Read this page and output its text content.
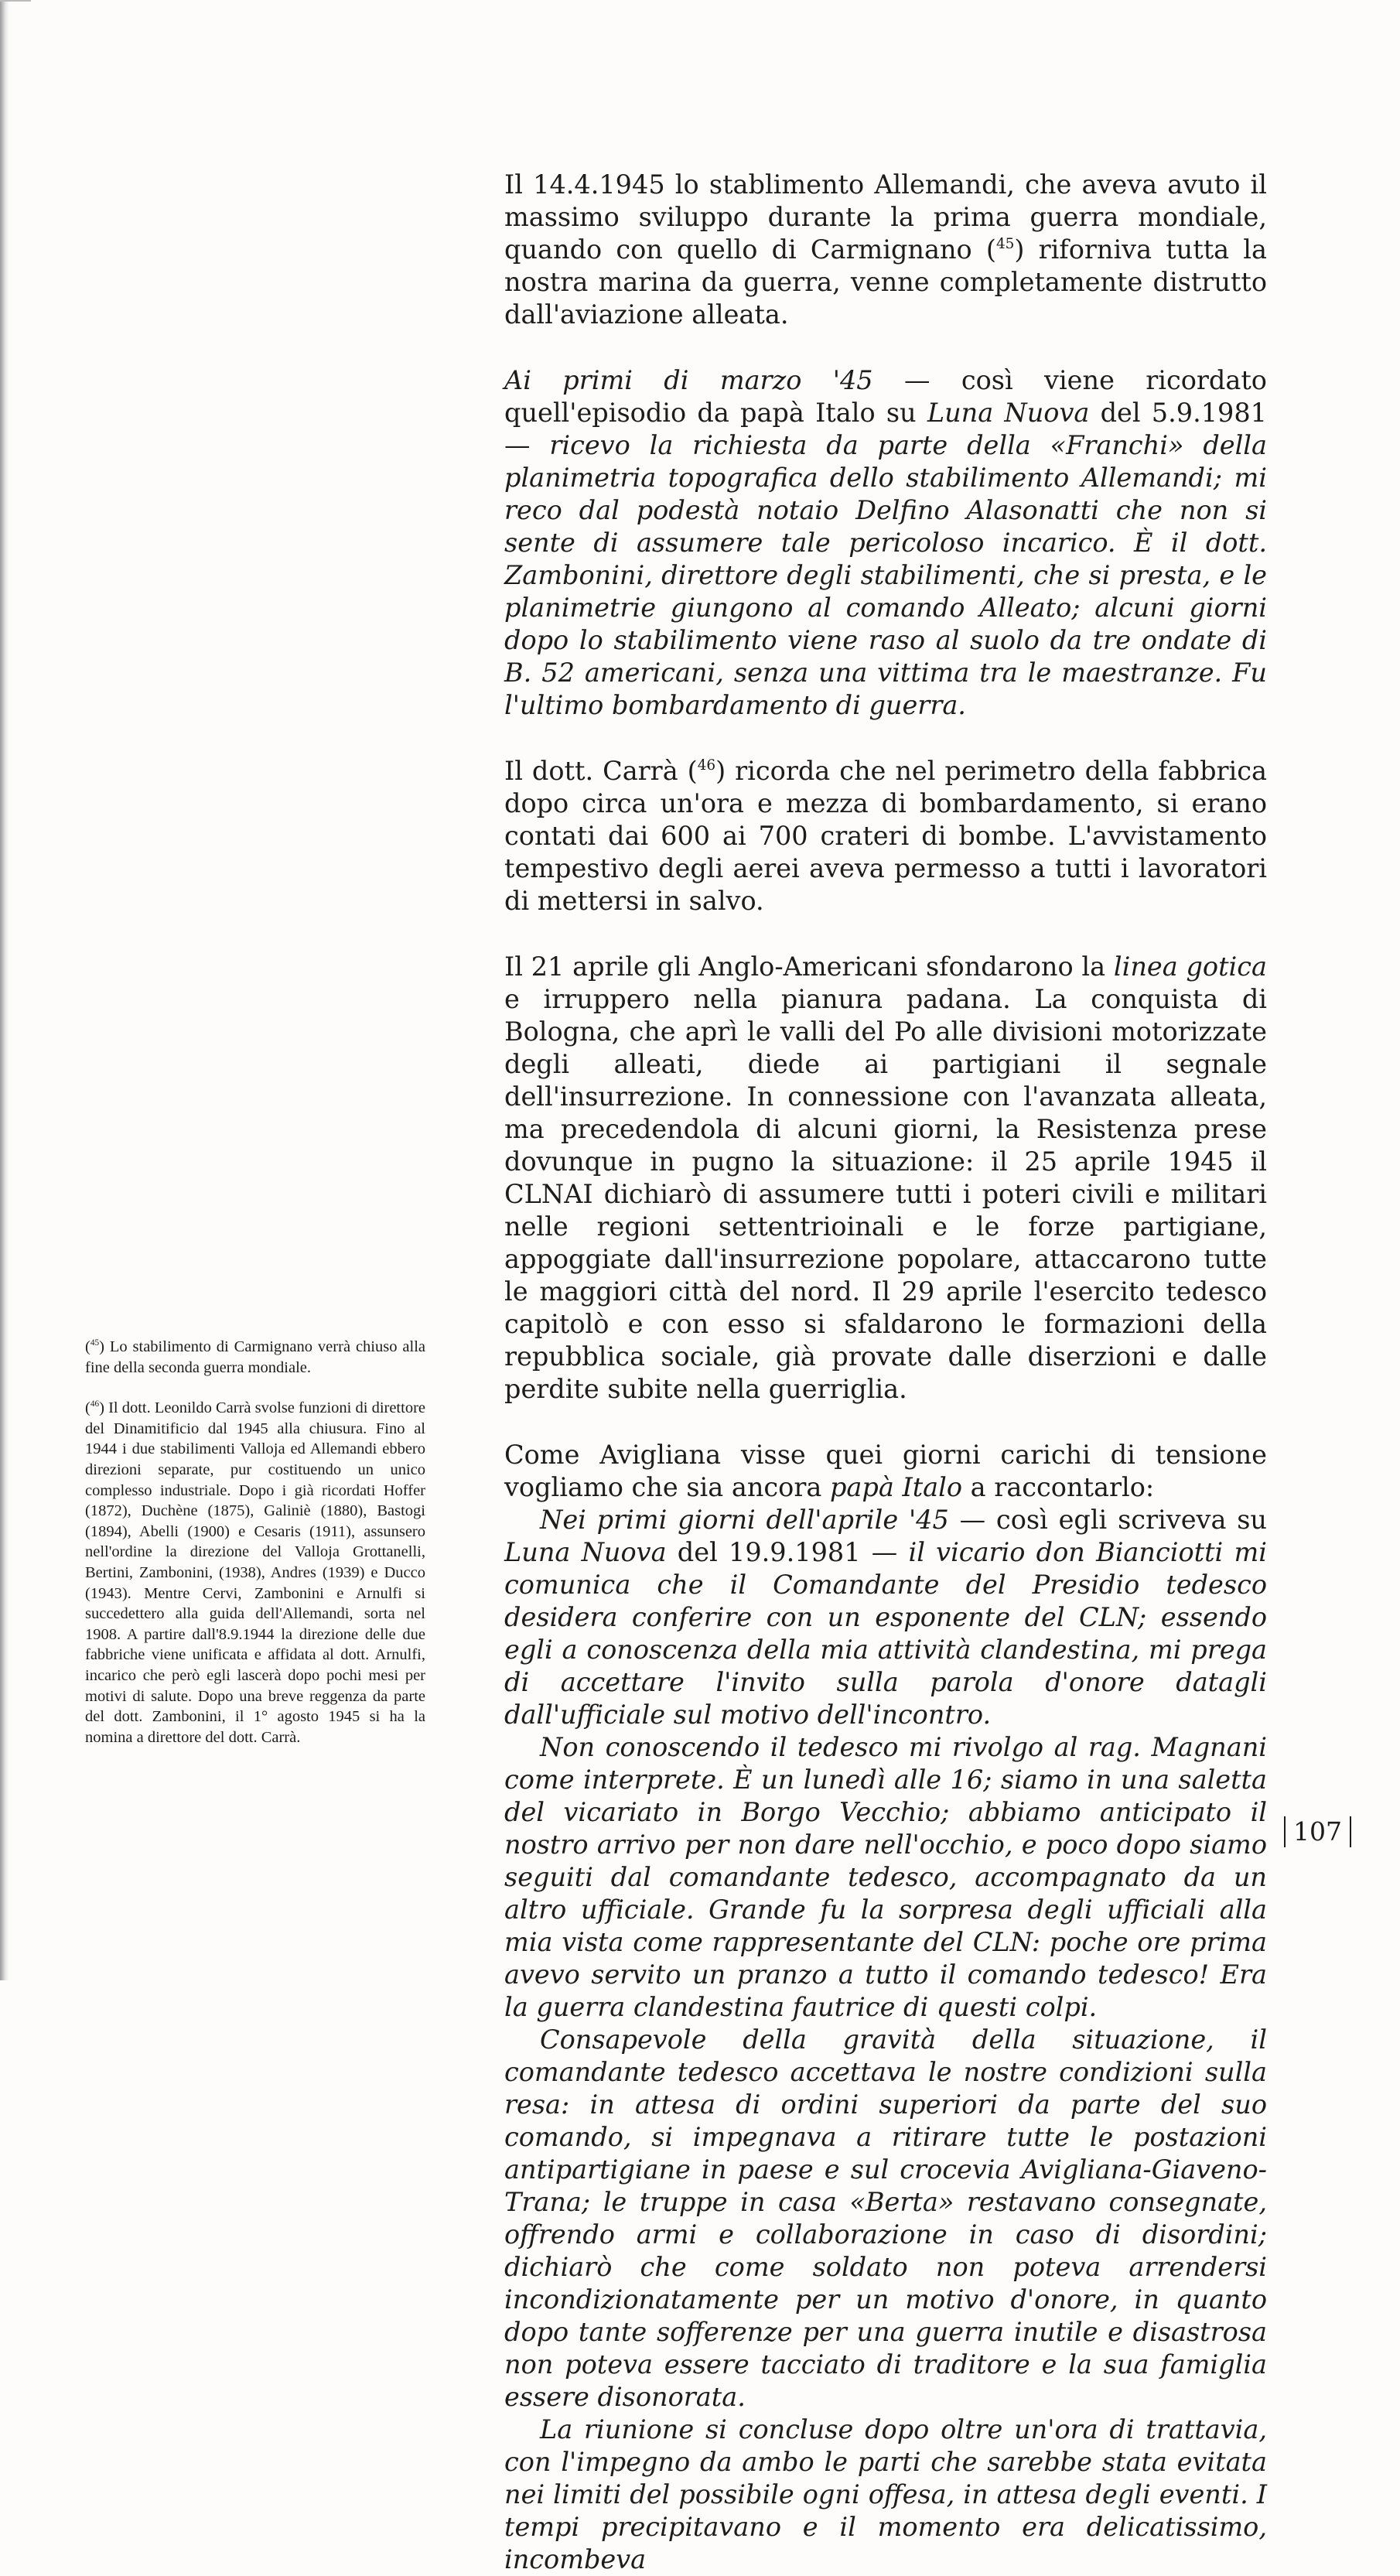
Il 14.4.1945 lo stablimento Allemandi, che aveva avuto il massimo sviluppo durante la prima guerra mondiale, quando con quello di Carmignano ($^{45}$) riforniva tutta la nostra marina da guerra, venne completamente distrutto dall'aviazione alleata.

Ai primi di marzo '45 — così viene ricordato quell'episodio da papà Italo su Luna Nuova del 5.9.1981 — ricevo la richiesta da parte della «Franchi» della planimetria topografica dello stabilimento Allemandi; mi reco dal podestà notaio Delfino Alasonatti che non si sente di assumere tale pericoloso incarico. È il dott. Zambonini, direttore degli stabilimenti, che si presta, e le planimetrie giungono al comando Alleato; alcuni giorni dopo lo stabilimento viene raso al suolo da tre ondate di B. 52 americani, senza una vittima tra le maestranze. Fu l'ultimo bombardamento di guerra.

Il dott. Carrà ($^{46}$) ricorda che nel perimetro della fabbrica dopo circa un'ora e mezza di bombardamento, si erano contati dai 600 ai 700 crateri di bombe. L'avvistamento tempestivo degli aerei aveva permesso a tutti i lavoratori di mettersi in salvo.

Il 21 aprile gli Anglo-Americani sfondarono la linea gotica e irruppero nella pianura padana. La conquista di Bologna, che aprì le valli del Po alle divisioni motorizzate degli alleati, diede ai partigiani il segnale dell'insurrezione. In connessione con l'avanzata alleata, ma precedendola di alcuni giorni, la Resistenza prese dovunque in pugno la situazione: il 25 aprile 1945 il CLNAI dichiarò di assumere tutti i poteri civili e militari nelle regioni settentrioinali e le forze partigiane, appoggiate dall'insurrezione popolare, attaccarono tutte le maggiori città del nord. Il 29 aprile l'esercito tedesco capitolò e con esso si sfaldarono le formazioni della repubblica sociale, già provate dalle diserzioni e dalle perdite subite nella guerriglia.

Come Avigliana visse quei giorni carichi di tensione vogliamo che sia ancora papà Italo a raccontarlo:

Nei primi giorni dell'aprile '45 — così egli scriveva su Luna Nuova del 19.9.1981 — il vicario don Bianciotti mi comunica che il Comandante del Presidio tedesco desidera conferire con un esponente del CLN; essendo egli a conoscenza della mia attività clandestina, mi prega di accettare l'invito sulla parola d'onore datagli dall'ufficiale sul motivo dell'incontro.

Non conoscendo il tedesco mi rivolgo al rag. Magnani come interprete. È un lunedì alle 16; siamo in una saletta del vicariato in Borgo Vecchio; abbiamo anticipato il nostro arrivo per non dare nell'occhio, e poco dopo siamo seguiti dal comandante tedesco, accompagnato da un altro ufficiale. Grande fu la sorpresa degli ufficiali alla mia vista come rappresentante del CLN: poche ore prima avevo servito un pranzo a tutto il comando tedesco! Era la guerra clandestina fautrice di questi colpi.

Consapevole della gravità della situazione, il comandante tedesco accettava le nostre condizioni sulla resa: in attesa di ordini superiori da parte del suo comando, si impegnava a ritirare tutte le postazioni antipartigiane in paese e sul crocevia Avigliana-Giaveno-Trana; le truppe in casa «Berta» restavano consegnate, offrendo armi e collaborazione in caso di disordini; dichiarò che come soldato non poteva arrendersi incondizionatamente per un motivo d'onore, in quanto dopo tante sofferenze per una guerra inutile e disastrosa non poteva essere tacciato di traditore e la sua famiglia essere disonorata.

La riunione si concluse dopo oltre un'ora di trattavia, con l'impegno da ambo le parti che sarebbe stata evitata nei limiti del possibile ogni offesa, in attesa degli eventi. I tempi precipitavano e il momento era delicatissimo, incombeva

($^{45}$) Lo stabilimento di Carmignano verrà chiuso alla fine della seconda guerra mondiale.

($^{46}$) Il dott. Leonildo Carrà svolse funzioni di direttore del Dinamitificio dal 1945 alla chiusura. Fino al 1944 i due stabilimenti Valloja ed Allemandi ebbero direzioni separate, pur costituendo un unico complesso industriale. Dopo i già ricordati Hoffer (1872), Duchène (1875), Galiniè (1880), Bastogi (1894), Abelli (1900) e Cesaris (1911), assunsero nell'ordine la direzione del Valloja Grottanelli, Bertini, Zambonini, (1938), Andres (1939) e Ducco (1943). Mentre Cervi, Zambonini e Arnulfi si succedettero alla guida dell'Allemandi, sorta nel 1908. A partire dall'8.9.1944 la direzione delle due fabbriche viene unificata e affidata al dott. Arnulfi, incarico che però egli lascerà dopo pochi mesi per motivi di salute. Dopo una breve reggenza da parte del dott. Zambonini, il 1° agosto 1945 si ha la nomina a direttore del dott. Carrà.

107
